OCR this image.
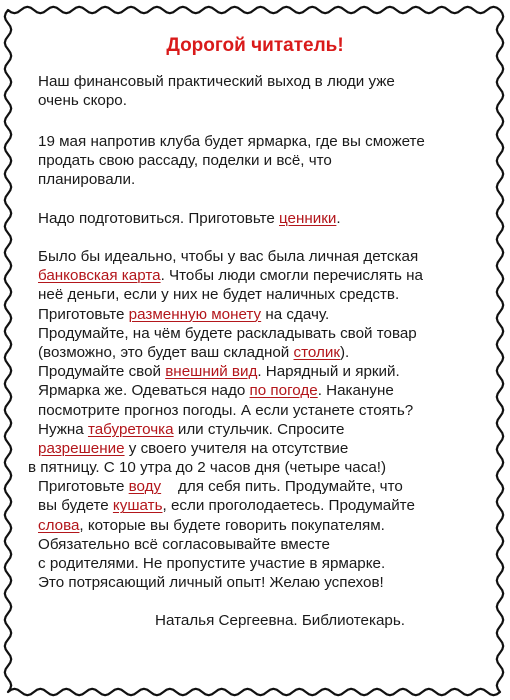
Дорогой читатель!
Наш финансовый практический выход в люди уже
очень скоро.
19 мая напротив клуба будет ярмарка, где вы сможете
продать свою рассаду, поделки и всё, что
планировали.
Надо подготовиться. Приготовьте ценники.
Было бы идеально, чтобы у вас была личная детская
банковская карта. Чтобы люди смогли перечислять на
неё деньги, если у них не будет наличных средств.
Приготовьте разменную монету на сдачу.
Продумайте, на чём будете раскладывать свой товар
(возможно, это будет ваш складной столик).
Продумайте свой внешний вид. Нарядный и яркий.
Ярмарка же. Одеваться надо по погоде. Накануне
посмотрите прогноз погоды. А если устанете стоять?
Нужна табуреточка или стульчик. Спросите
разрешение у своего учителя на отсутствие
в пятницу. С 10 утра до 2 часов дня (четыре часа!)
Приготовьте воду    для себя пить. Продумайте, что
вы будете кушать, если проголодаетесь. Продумайте
слова, которые вы будете говорить покупателям.
Обязательно всё согласовывайте вместе
с родителями. Не пропустите участие в ярмарке.
Это потрясающий личный опыт! Желаю успехов!
Наталья Сергеевна. Библиотекарь.
